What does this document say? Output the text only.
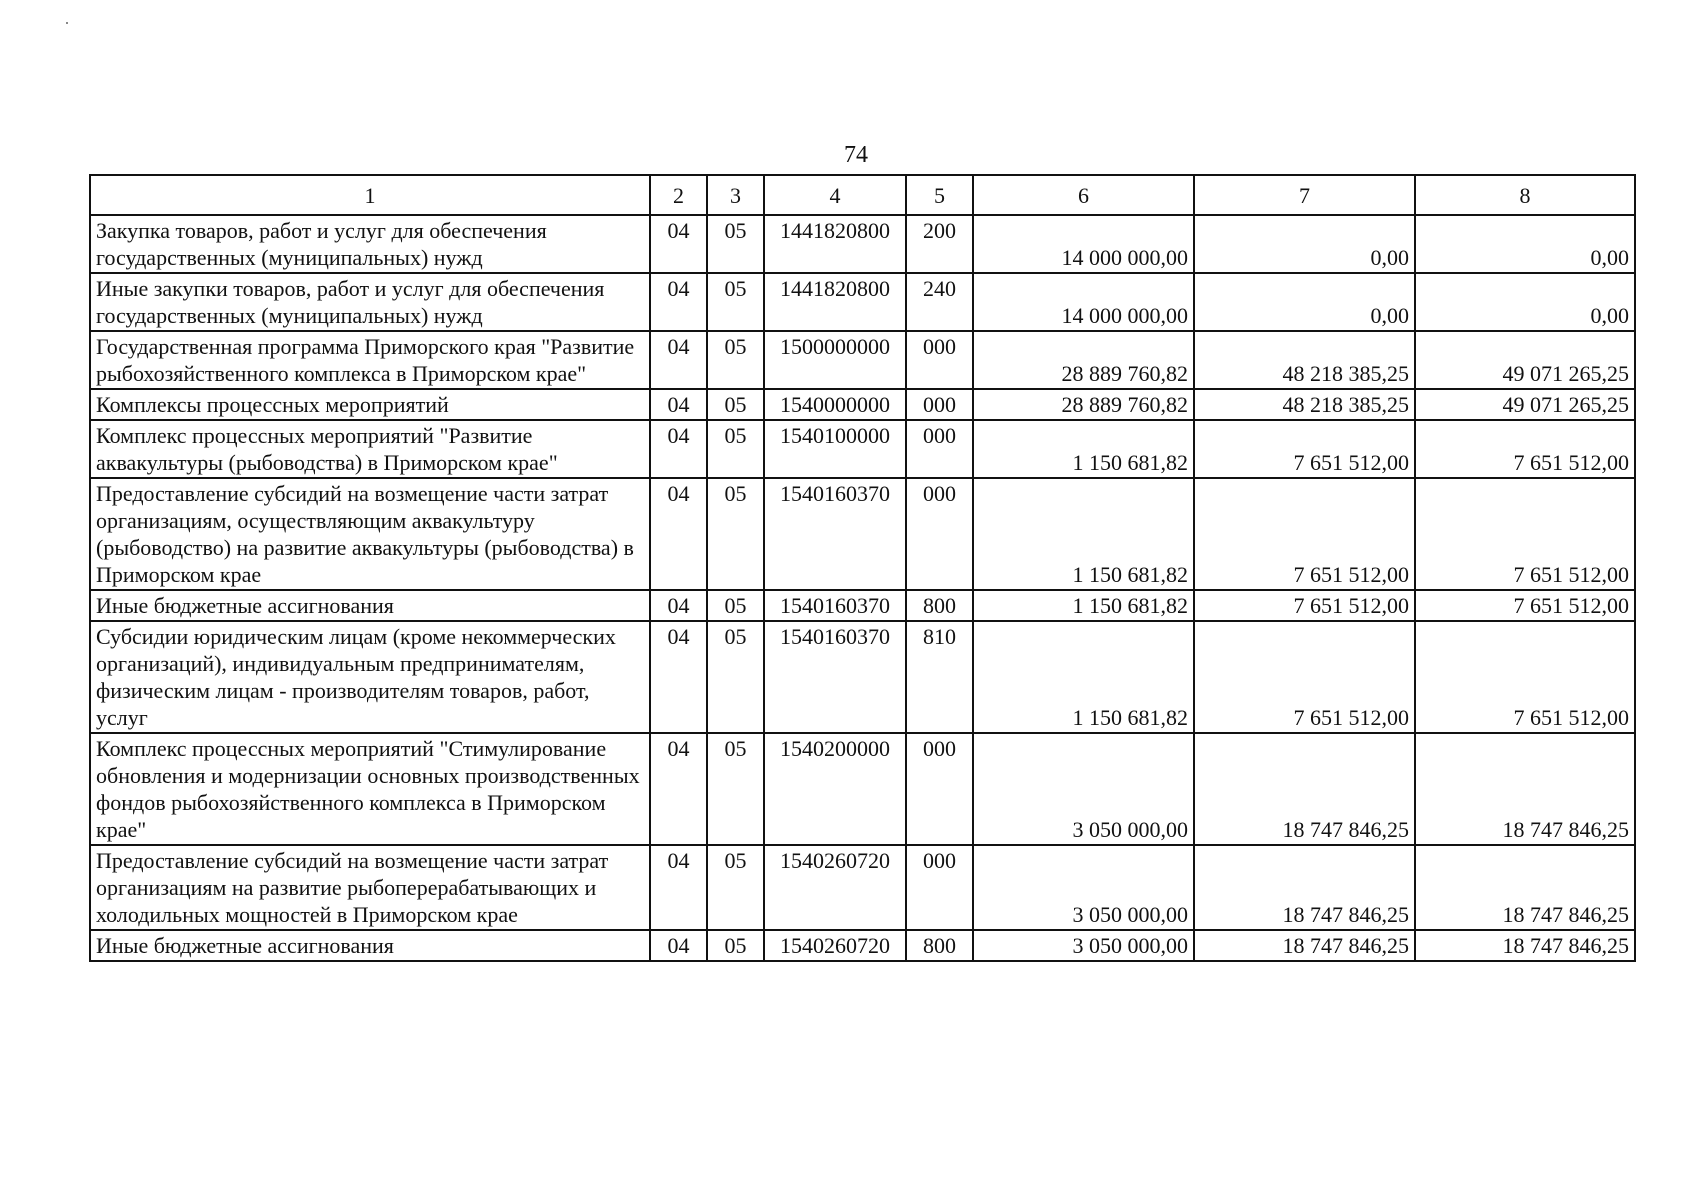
74
1	2	3	4	5	6	7	8
Закупка товаров, работ и услуг для обеспечения государственных (муниципальных) нужд	04	05	1441820800	200	14 000 000,00	0,00	0,00
Иные закупки товаров, работ и услуг для обеспечения государственных (муниципальных) нужд	04	05	1441820800	240	14 000 000,00	0,00	0,00
Государственная программа Приморского края "Развитие рыбохозяйственного комплекса в Приморском крае"	04	05	1500000000	000	28 889 760,82	48 218 385,25	49 071 265,25
Комплексы процессных мероприятий	04	05	1540000000	000	28 889 760,82	48 218 385,25	49 071 265,25
Комплекс процессных мероприятий "Развитие аквакультуры (рыбоводства) в Приморском крае"	04	05	1540100000	000	1 150 681,82	7 651 512,00	7 651 512,00
Предоставление субсидий на возмещение части затрат организациям, осуществляющим аквакультуру (рыбоводство) на развитие аквакультуры (рыбоводства) в Приморском крае	04	05	1540160370	000	1 150 681,82	7 651 512,00	7 651 512,00
Иные бюджетные ассигнования	04	05	1540160370	800	1 150 681,82	7 651 512,00	7 651 512,00
Субсидии юридическим лицам (кроме некоммерческих организаций), индивидуальным предпринимателям, физическим лицам - производителям товаров, работ, услуг	04	05	1540160370	810	1 150 681,82	7 651 512,00	7 651 512,00
Комплекс процессных мероприятий "Стимулирование обновления и модернизации основных производственных фондов рыбохозяйственного комплекса в Приморском крае"	04	05	1540200000	000	3 050 000,00	18 747 846,25	18 747 846,25
Предоставление субсидий на возмещение части затрат организациям на развитие рыбоперерабатывающих и холодильных мощностей в Приморском крае	04	05	1540260720	000	3 050 000,00	18 747 846,25	18 747 846,25
Иные бюджетные ассигнования	04	05	1540260720	800	3 050 000,00	18 747 846,25	18 747 846,25
